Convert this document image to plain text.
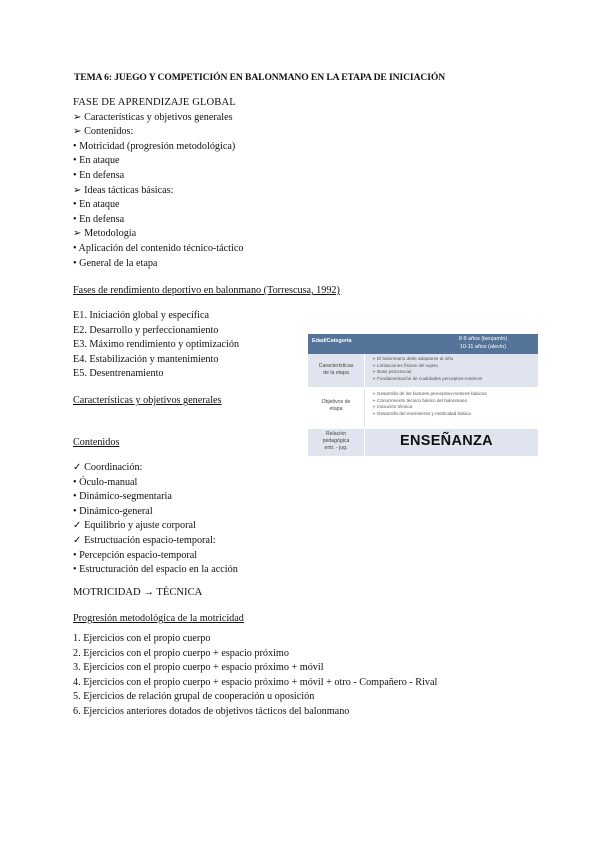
TEMA 6: JUEGO Y COMPETICIÓN EN BALONMANO EN LA ETAPA DE INICIACIÓN
FASE DE APRENDIZAJE GLOBAL
➢ Características y objetivos generales
➢ Contenidos:
• Motricidad (progresión metodológica)
• En ataque
• En defensa
➢ Ideas tácticas básicas:
• En ataque
• En defensa
➢ Metodología
• Aplicación del contenido técnico-táctico
• General de la etapa
Fases de rendimiento deportivo en balonmano (Torrescusa, 1992)
E1. Iniciación global y específica
E2. Desarrollo y perfeccionamiento
E3. Máximo rendimiento y optimización
E4. Estabilización y mantenimiento
E5. Desentrenamiento
Características y objetivos generales
Edad/Categoría	8-9 años (benjamín)
10-11 años (alevín)
Características
de la etapa
➢ El balonmano debe adaptarse al niño
➢ Limitaciones físicas del sujeto
➢ Base psicosocial
➢ Fundamentación de cualidades perceptivo-motrices
Objetivos de
etapa
➢ Desarrollo de los factores perceptivo-motores básicos
➢ Conocimiento técnico básico del balonmano
➢ Iniciación técnica
➢ Desarrollo del movimiento y motricidad básica
Relación
pedagógica
entr. - jug.	ENSEÑANZA
Contenidos
✓ Coordinación:
• Óculo-manual
• Dinámico-segmentaria
• Dinámico-general
✓ Equilibrio y ajuste corporal
✓ Estructuación espacio-temporal:
• Percepción espacio-temporal
• Estructuración del espacio en la acción
MOTRICIDAD → TÉCNICA
Progresión metodológica de la motricidad
1. Ejercicios con el propio cuerpo
2. Ejercicios con el propio cuerpo + espacio próximo
3. Ejercicios con el propio cuerpo + espacio próximo + móvil
4. Ejercicios con el propio cuerpo + espacio próximo + móvil + otro - Compañero - Rival
5. Ejercicios de relación grupal de cooperación u oposición
6. Ejercicios anteriores dotados de objetivos tácticos del balonmano
